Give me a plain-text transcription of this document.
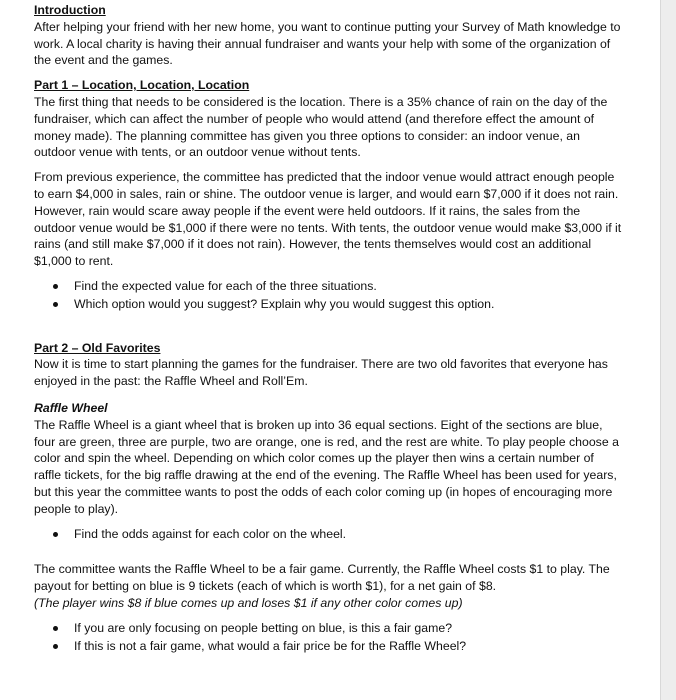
Introduction

After helping your friend with her new home, you want to continue putting your Survey of Math knowledge to work. A local charity is having their annual fundraiser and wants your help with some of the organization of the event and the games.

Part 1 – Location, Location, Location

The first thing that needs to be considered is the location. There is a 35% chance of rain on the day of the fundraiser, which can affect the number of people who would attend (and therefore effect the amount of money made). The planning committee has given you three options to consider: an indoor venue, an outdoor venue with tents, or an outdoor venue without tents.

From previous experience, the committee has predicted that the indoor venue would attract enough people to earn $4,000 in sales, rain or shine. The outdoor venue is larger, and would earn $7,000 if it does not rain. However, rain would scare away people if the event were held outdoors. If it rains, the sales from the outdoor venue would be $1,000 if there were no tents. With tents, the outdoor venue would make $3,000 if it rains (and still make $7,000 if it does not rain). However, the tents themselves would cost an additional $1,000 to rent.

Find the expected value for each of the three situations.
Which option would you suggest? Explain why you would suggest this option.

Part 2 – Old Favorites

Now it is time to start planning the games for the fundraiser. There are two old favorites that everyone has enjoyed in the past: the Raffle Wheel and Roll’Em.

Raffle Wheel

The Raffle Wheel is a giant wheel that is broken up into 36 equal sections. Eight of the sections are blue, four are green, three are purple, two are orange, one is red, and the rest are white. To play people choose a color and spin the wheel. Depending on which color comes up the player then wins a certain number of raffle tickets, for the big raffle drawing at the end of the evening. The Raffle Wheel has been used for years, but this year the committee wants to post the odds of each color coming up (in hopes of encouraging more people to play).

Find the odds against for each color on the wheel.

The committee wants the Raffle Wheel to be a fair game. Currently, the Raffle Wheel costs $1 to play. The payout for betting on blue is 9 tickets (each of which is worth $1), for a net gain of $8.

(The player wins $8 if blue comes up and loses $1 if any other color comes up)

If you are only focusing on people betting on blue, is this a fair game?
If this is not a fair game, what would a fair price be for the Raffle Wheel?
